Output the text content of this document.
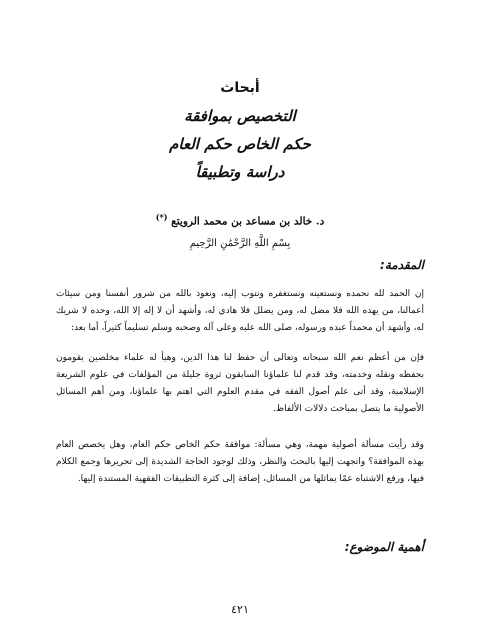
أبحاث

التخصيص بموافقة

حكم الخاص حكم العام

دراسة وتطبيقاً

د. خالد بن مساعد بن محمد الرويتع (*)
بِسْمِ اللَّهِ الرَّحْمَٰنِ الرَّحِيمِ
المقدمة:

إن الحمد لله نحمده ونستعينه ونستغفره ونتوب إليه، ونعوذ بالله من شرور أنفسنا ومن سيئات أعمالنا، من يهده الله فلا مضل له، ومن يضلل فلا هادي له، وأشهد أن لا إله إلا الله، وحده لا شريك له، وأشهد أن محمداً عبده ورسوله، صلى الله عليه وعلى آله وصحبه وسلم تسليماً كثيراً، أما بعد:

فإن من أعظم نعم الله سبحانه وتعالى أن حفظ لنا هذا الدين، وهيأ له علماء مخلصين يقومون بحفظه ونقله وخدمته، وقد قدم لنا علماؤنا السابقون ثروة جليلة من المؤلفات في علوم الشريعة الإسلامية، وقد أتى علم أصول الفقه في مقدم العلوم التي اهتم بها علماؤنا، ومن أهم المسائل الأصولية ما يتصل بمباحث دلالات الألفاظ.

وقد رأيت مسألة أصولية مهمة، وهي مسألة: موافقة حكم الخاص حكم العام، وهل يخصص العام بهذه الموافقة؟ واتجهت إليها بالبحث والنظر، وذلك لوجود الحاجة الشديدة إلى تحريرها وجمع الكلام فيها، ورفع الاشتباه عمّا يماثلها من المسائل، إضافة إلى كثرة التطبيقات الفقهية المستندة إليها.

أهمية الموضوع:
٤٢١
